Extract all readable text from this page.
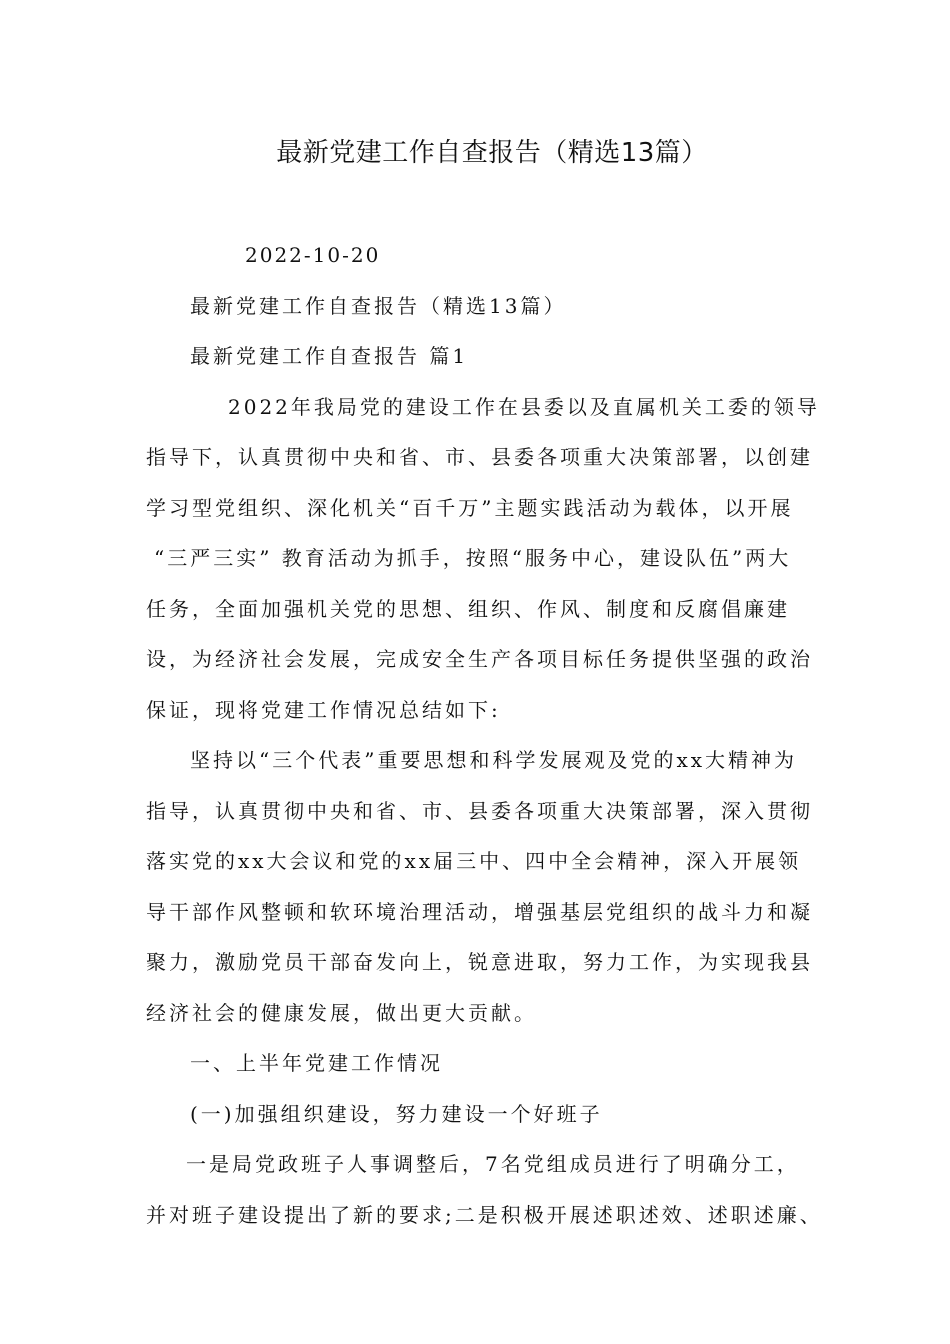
最新党建工作自查报告（精选13篇）
2022-10-20
最新党建工作自查报告（精选13篇）
最新党建工作自查报告 篇1
2022年我局党的建设工作在县委以及直属机关工委的领导
指导下，认真贯彻中央和省、市、县委各项重大决策部署，以创建
学习型党组织、深化机关“百千万”主题实践活动为载体，以开展
“三严三实” 教育活动为抓手，按照“服务中心，建设队伍”两大
任务，全面加强机关党的思想、组织、作风、制度和反腐倡廉建
设，为经济社会发展，完成安全生产各项目标任务提供坚强的政治
保证，现将党建工作情况总结如下:
坚持以“三个代表”重要思想和科学发展观及党的xx大精神为
指导，认真贯彻中央和省、市、县委各项重大决策部署，深入贯彻
落实党的xx大会议和党的xx届三中、四中全会精神，深入开展领
导干部作风整顿和软环境治理活动，增强基层党组织的战斗力和凝
聚力，激励党员干部奋发向上，锐意进取，努力工作，为实现我县
经济社会的健康发展，做出更大贡献。
一、上半年党建工作情况
(一)加强组织建设，努力建设一个好班子
一是局党政班子人事调整后，7名党组成员进行了明确分工，
并对班子建设提出了新的要求;二是积极开展述职述效、述职述廉、
